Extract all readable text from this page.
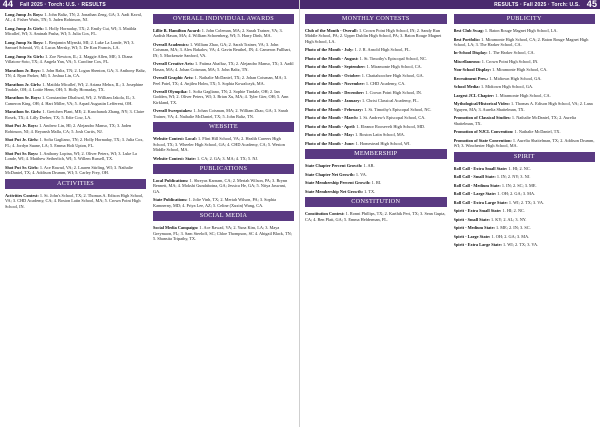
44	Fall 2025 · Torch: U.S. · RESULTS

Long Jump Jr. Boys: 1. John Baltz, TN; 2. Jonathan Zeng, GA; 3. Aadi Kaval, AL; 4. Fisher Watts, TN; 5. Jaden Robinson, NJ.

Long Jump Jr. Girls: 1. Holly Hornaday, TX; 2. Emily Cui, WI; 3. Matilda Micallef, WI; 3. Aminah Pasha, WI; 5. Julia Cox, FL.

Long Jump Sr. Boys: 1. Benjamin Mlynski, MI; 2. Luke La Londe, WI; 3. Samuel Schmid, VI; 4. Lucas Mersky, WI; 5. De Kon Francis, LA.

Long Jump Sr. Girls: 1. Zoe Newton, IL; 2. Maggie Allen, ME; 3. Diana Villatoro-Soto, TX; 4. Angela Yan, VA; 5. Caroline Cox, FL.

Marathon Jr. Boys: 1. John Baltz, TN; 2. Logan Shenton, GA; 3. Anthony Baltz, TN; 4. Ryan Parker, MI; 5. Joshua Lin, CA.

Marathon Jr. Girls: 1. Matilda Micallef, WI; 2. Ariana Mehra, IL; 3. Josephine Tindale, OH; 4. Lottie Henn, OH; 5. Holly Hornaday, TX.

Marathon Sr. Boys: 1. Constantine Dhaliwal, WI; 2. William Jakola, IL; 3. Cameron King, OH; 4. Hart Miller, VA; 5. Arpad Augustin Lefferent, OH.

Marathon Sr. Girls: 1. Gretchen Plant, ME; 2. Kanchanok Zhang, NY; 3. Claire Rosek, TX; 4. Lilly Dreher, TX; 5. Edie Cow, LA.

Shot Put Jr. Boys: 1. Andrew Lin, HI; 2. Alejandro Manso, TX; 3. Jaden Robinson, NJ; 4. Reyansh Malla, CA; 5. Josh Curtis, NJ.

Shot Put Jr. Girls: 1. Sofia Gagliano, TN; 2. Holly Hornaday, TX; 3. Julia Cox, FL; 4. Jordyn Suane, LA; 5. Emma Holt Upton, FL.

Shot Put Sr. Boys: 1. Anthony Lopina, WI; 2. Oliver Peters, WI; 3. Luke La Londe, WI; 4. Matthew Seiberlich, WI; 5. Willem Russell, TX.

Shot Put Sr. Girls: 1. Ace Rawad, VA; 2. Lauren Stirling, WI; 3. Nathalie McDaniel, TX; 4. Addison Drumm, WI; 5. Carley Frey, OH.

ACTIVITIES

Activities Contest: 1. St. John's School, TX; 2. Thomas A. Edison High School, VA; 3. CHD Academy, CA; 4. Boston Latin School, MA; 5. Crown Point High School, IN.

OVERALL INDIVIDUAL AWARDS

Lillie B. Hamilton Award: 1. John Coleman, MA; 2. Sarah Trainer, VA; 3. Aadish Hasan, MA; 4. William Schoenberg, WI; 5. Harry Dinh, MA.

Overall Academics: 1. William Zhao, GA; 2. Sarah Trainer, VA; 3. John Coisman, MA; 3. Alex Bakalov, VA; 4. Gavin Beuthel, IN; 4. Cameron Fullhart, IN; 5. Mackenzie Sanford, VA.

Overall Creative Arts: 1. Fatima Abaffaz, TX; 2. Alejandro Manso, TX; 3. Aadil Hasan, MA; 4. Johan Coisman, MA; 5. John Baltz, TN.

Overall Graphic Arts: 1. Nathalie McDaniel, TX; 2. Johan Coisman, MA; 3. Peel Patel, TX; 4. Anjilea Holm, TX; 5. Sophia Kowalczyk, MA.

Overall Olympika: 1. Sofia Gagliano, TN; 2. Sophie Tindale, OH; 2. Ian Godden, WI; 2. Oliver Peters, WI; 3. Brian Xu, MA; 4. Tyler Gier, OH; 5. Ann Kirkland, TX.

Overall Sweepstakes: 1. Johan Coisman, MA; 2. William Zhao, GA; 3. Sarah Trainer, VA; 4. Nathalie McDaniel, TX; 5. John Baltz, TN.

WEBSITE

Website Contest: Local: 1. Flint Hill School, VA; 2. Health Careers High School, TX; 3. Wheeler High School, GA; 4. CHD Academy, CA; 5. Weston Middle School, MA.

Website Contest: State: 1. CA; 2. GA; 3. MA; 4. TX; 5. NJ.

PUBLICATIONS

Local Publications: 1. Shreyas Karnam, CA; 2. Meriah Wilson, PA; 3. Brynn Bennett, MA; 4. Mokshi Gundaboina, GA; Jessica He, GA; 5. Nitya Jaswani, GA.

State Publications: 1. Jolie Vinh, TX; 2. Meriah Wilson, PA; 3. Sophia Kamnerny, MD; 4. Priya Lee, AZ; 5. Celine (Xuxin) Wang, CA.

SOCIAL MEDIA

Social Media Campaign: 1. Ace Rawad, VA; 2. Yuna Kim, LA; 3. Maya Greymaon, FL; 3. Sam Steeloff, SC; Chloe Thompson, SC 4. Abigail Black, TN; 5. Shansita Tripathy, TX.

RESULTS · Fall 2025 · Torch: U.S. 45
MONTHLY CONTESTS

Club of the Month - Overall: 1. Crown Point High School, IN; 2. Sandy Run Middle School, PA; 2. Upper Dublin High School, PA; 3. Baton Rouge Magnet High School, LA.

Photo of the Month - July: 1. J. R. Arnold High School, FL.

Photo of the Month - August: 1. St. Timothy's Episcopal School, NC.

Photo of the Month - September: 1. Miramonte High School, CA.

Photo of the Month - October: 1. Chattahoochee High School, GA.

Photo of the Month - November: 1. CHD Academy, CA.

Photo of the Month - December: 1. Crown Point High School, IN.

Photo of the Month - January: 1. Christ Classical Academy, FL.

Photo of the Month - February: 1. St. Timothy's Episcopal School, NC.

Photo of the Month - March: 1. St. Andrew's Episcopal School, CA.

Photo of the Month - April: 1. Eleanor Roosevelt High School, MD.

Photo of the Month - May: 1. Boston Latin School, MA.

Photo of the Month - June: 1. Homestead High School, WI.

MEMBERSHIP

State Chapter Percent Growth: 1. AR.

State Chapter Net Growth: 1. VA.

State Membership Percent Growth: 1. RI.

State Membership Net Growth: 1. TX.

CONSTITUTION

Constitution Contest: 1. Ronni Phillips, TX; 2. Karthik Peri, TX; 3. Sean Gupta, CA; 4. Ben Platt, GA; 5. Emma Helderman, FL.

PUBLICITY

Best Club Swag: 1. Baton Rouge Magnet High School, LA.

Best Portfolio: 1. Miramonte High School, CA; 2. Baton Rouge Magnet High School, LA; 3. The Harker School, CA.

In-School Display: 1. The Harker School, CA.

Miscellaneous: 1. Crown Point High School, IN.

Non-School Display: 1. Miramonte High School, CA.

Recruitment Pres.: 1. Midtown High School, GA.

School Media: 1. Midtown High School, GA.

Largest JCL Chapter: 1. Miramonte High School, CA.

Mythological/Historical Video: 1. Thomas A. Edison High School, VA; 2. Lana Nguyen, MA; 3. Aurelia Shaitelman, TX.

Promotion of Classical Studies: 1. Nathalie McDaniel, TX; 2. Aurelia Shaitelman, TX.

Promotion of NJCL Convention: 1. Nathalie McDaniel, TX.

Promotion of State Convention: 1. Aurelia Shaitelman, TX; 2. Addison Drumm, WI; 3. Winchester High School, MA.

SPIRIT

Roll Call - Extra Small State: 1. HI; 2. NC.

Roll Call - Small State: 1. IN; 2. NY; 3. NJ.

Roll Call - Medium State: 1. IN; 2. SC; 3. ME.

Roll Call - Large State: 1. OH; 2. GA; 3. MA.

Roll Call - Extra Large State: 1. WI; 2. TX; 3. VA.

Spirit - Extra Small State: 1. HI; 2. NC.

Spirit - Small State: 1. KY; 2. AL; 3. NY.

Spirit - Medium State: 1. ME; 2. IN; 3. SC.

Spirit - Large State: 1. OH; 2. GA; 3. MA.

Spirit - Extra Large State: 1. WI; 2. TX; 3. VA.
